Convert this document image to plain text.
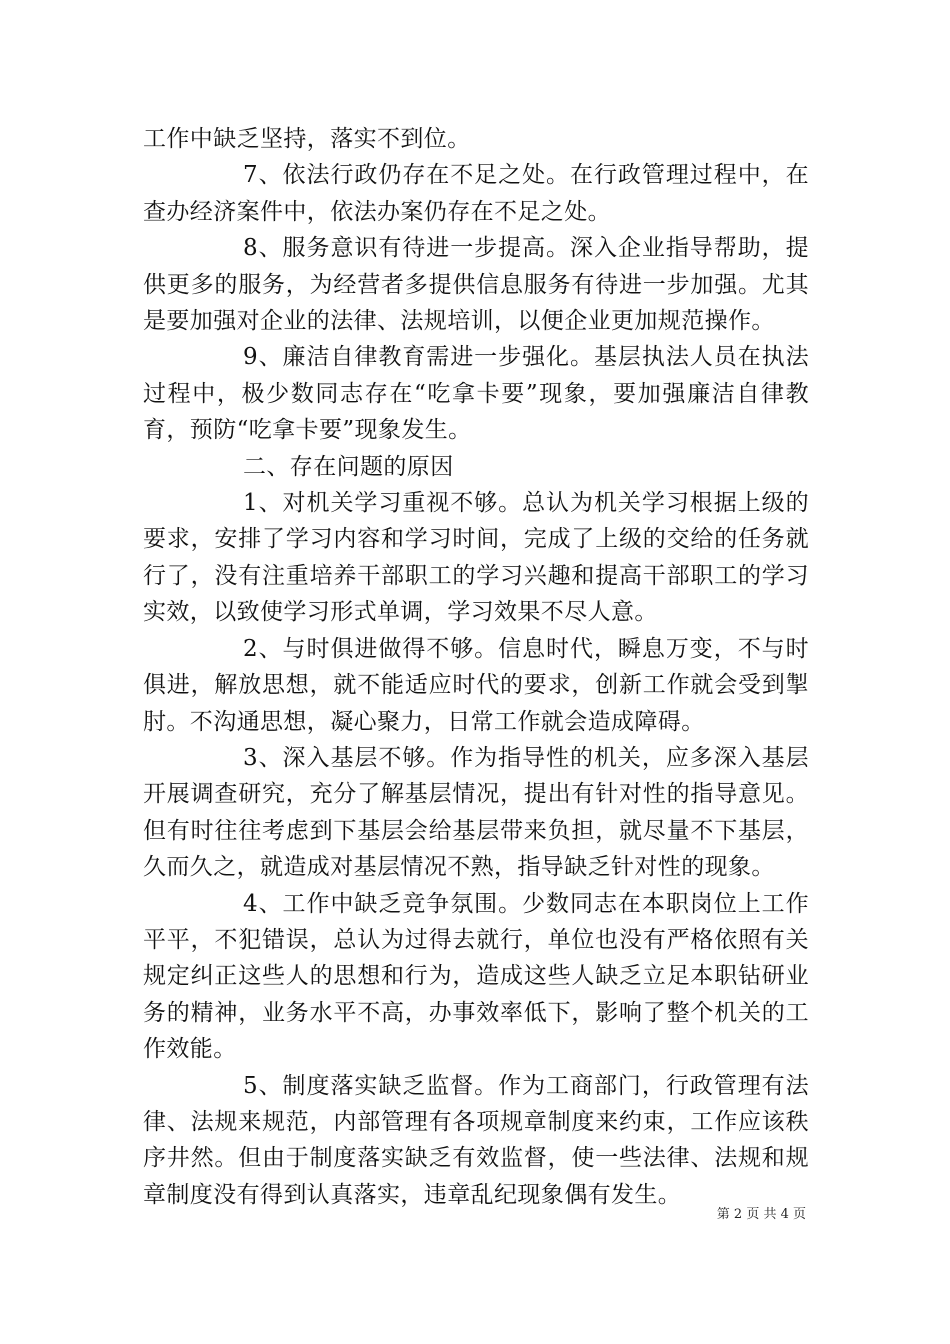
工作中缺乏坚持，落实不到位。

7、依法行政仍存在不足之处。在行政管理过程中，在查办经济案件中，依法办案仍存在不足之处。

8、服务意识有待进一步提高。深入企业指导帮助，提供更多的服务，为经营者多提供信息服务有待进一步加强。尤其是要加强对企业的法律、法规培训，以便企业更加规范操作。

9、廉洁自律教育需进一步强化。基层执法人员在执法过程中，极少数同志存在“吃拿卡要”现象，要加强廉洁自律教育，预防“吃拿卡要”现象发生。

二、存在问题的原因

1、对机关学习重视不够。总认为机关学习根据上级的要求，安排了学习内容和学习时间，完成了上级的交给的任务就行了，没有注重培养干部职工的学习兴趣和提高干部职工的学习实效，以致使学习形式单调，学习效果不尽人意。

2、与时俱进做得不够。信息时代，瞬息万变，不与时俱进，解放思想，就不能适应时代的要求，创新工作就会受到掣肘。不沟通思想，凝心聚力，日常工作就会造成障碍。

3、深入基层不够。作为指导性的机关，应多深入基层开展调查研究，充分了解基层情况，提出有针对性的指导意见。但有时往往考虑到下基层会给基层带来负担，就尽量不下基层，久而久之，就造成对基层情况不熟，指导缺乏针对性的现象。

4、工作中缺乏竞争氛围。少数同志在本职岗位上工作平平，不犯错误，总认为过得去就行，单位也没有严格依照有关规定纠正这些人的思想和行为，造成这些人缺乏立足本职钻研业务的精神，业务水平不高，办事效率低下，影响了整个机关的工作效能。

5、制度落实缺乏监督。作为工商部门，行政管理有法律、法规来规范，内部管理有各项规章制度来约束，工作应该秩序井然。但由于制度落实缺乏有效监督，使一些法律、法规和规章制度没有得到认真落实，违章乱纪现象偶有发生。

第 2 页 共 4 页
